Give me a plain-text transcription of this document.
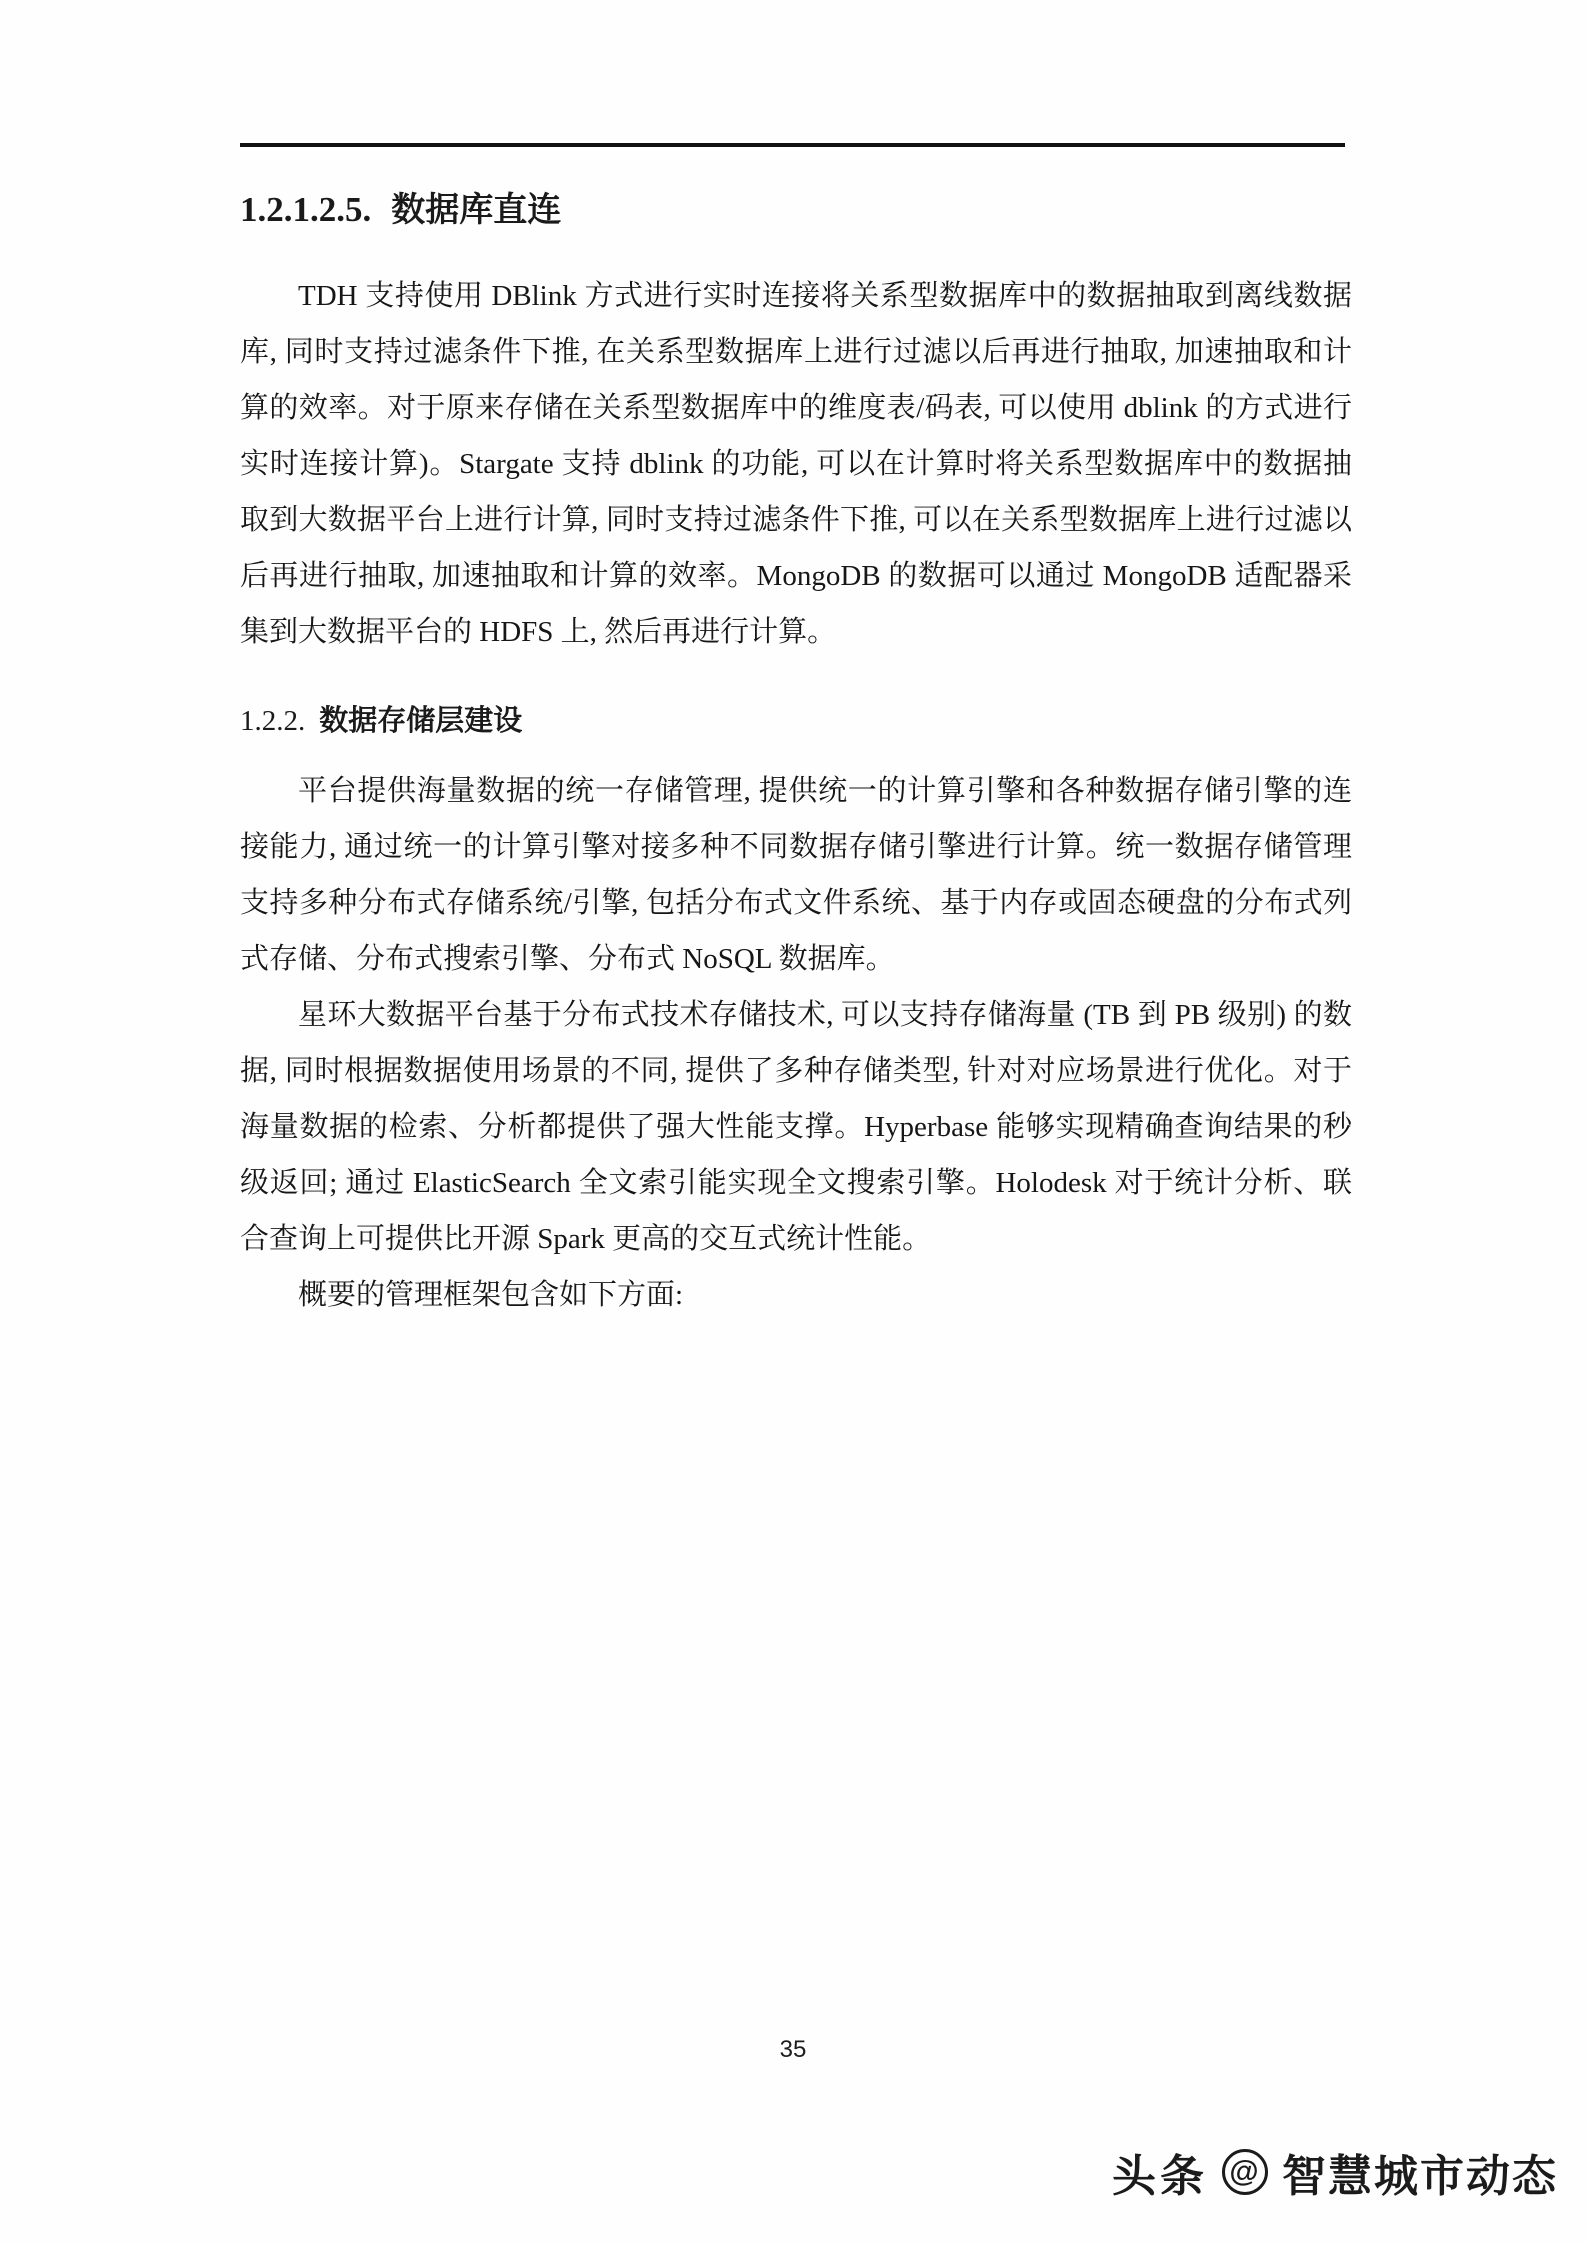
1.2.1.2.5. 数据库直连

TDH 支持使用 DBlink 方式进行实时连接将关系型数据库中的数据抽取到离线数据库, 同时支持过滤条件下推, 在关系型数据库上进行过滤以后再进行抽取, 加速抽取和计算的效率。对于原来存储在关系型数据库中的维度表/码表, 可以使用 dblink 的方式进行实时连接计算)。Stargate 支持 dblink 的功能, 可以在计算时将关系型数据库中的数据抽取到大数据平台上进行计算, 同时支持过滤条件下推, 可以在关系型数据库上进行过滤以后再进行抽取, 加速抽取和计算的效率。MongoDB 的数据可以通过 MongoDB 适配器采集到大数据平台的 HDFS 上, 然后再进行计算。

1.2.2. 数据存储层建设

平台提供海量数据的统一存储管理, 提供统一的计算引擎和各种数据存储引擎的连接能力, 通过统一的计算引擎对接多种不同数据存储引擎进行计算。统一数据存储管理支持多种分布式存储系统/引擎, 包括分布式文件系统、基于内存或固态硬盘的分布式列式存储、分布式搜索引擎、分布式 NoSQL 数据库。

星环大数据平台基于分布式技术存储技术, 可以支持存储海量 (TB 到 PB 级别) 的数据, 同时根据数据使用场景的不同, 提供了多种存储类型, 针对对应场景进行优化。对于海量数据的检索、分析都提供了强大性能支撑。Hyperbase 能够实现精确查询结果的秒级返回; 通过 ElasticSearch 全文索引能实现全文搜索引擎。Holodesk 对于统计分析、联合查询上可提供比开源 Spark 更高的交互式统计性能。

概要的管理框架包含如下方面:

35
头条 @ 智慧城市动态
